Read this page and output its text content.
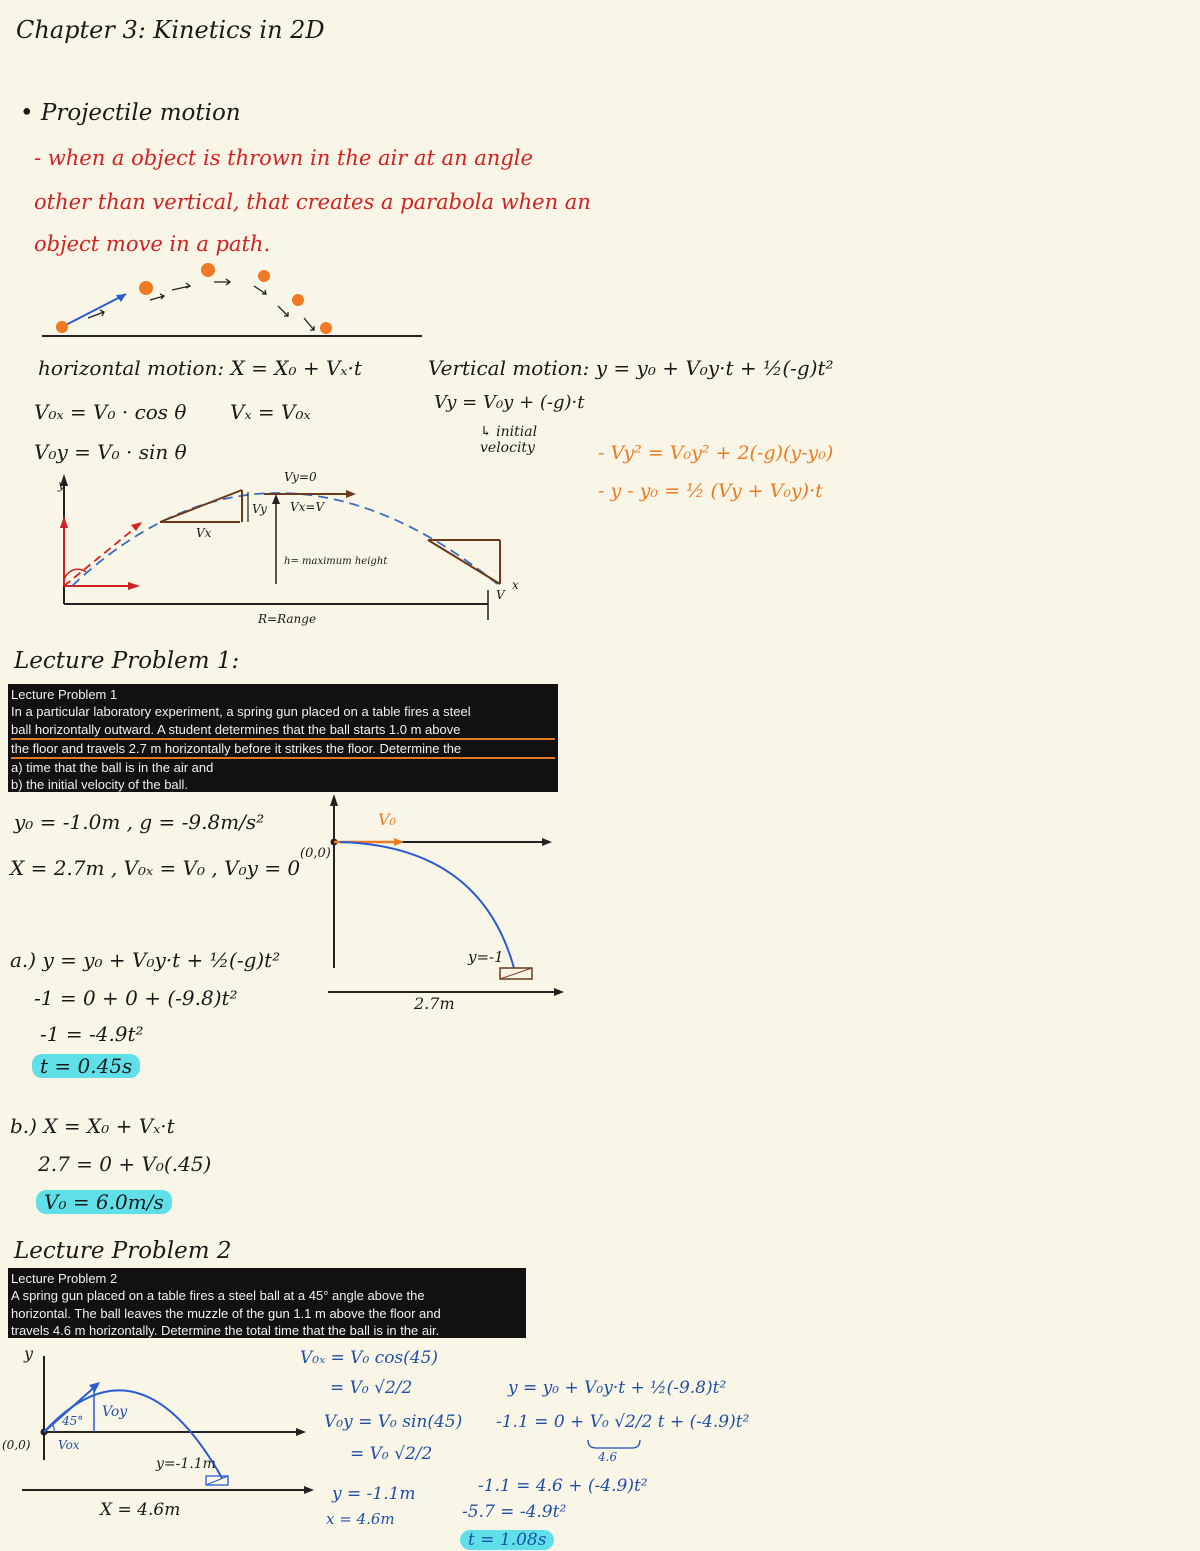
Chapter 3: Kinetics in 2D
• Projectile motion
- when a object is thrown in the air at an angle
other than vertical, that creates a parabola when an
object move in a path.
horizontal motion: X = X₀ + Vₓ·t	Vertical motion: y = y₀ + V₀y·t + ½(-g)t²
V₀ₓ = V₀ · cos θ Vₓ = V₀ₓ	Vy = V₀y + (-g)·t
↳ initial velocity
V₀y = V₀ · sin θ	- Vy² = V₀y² + 2(-g)(y-y₀)
- y - y₀ = ½ (Vy + V₀y)·t
Vy=0
Vx=V
Vx
Vy
h= maximum height
R=Range
y
x
V
Lecture Problem 1:
Lecture Problem 1
In a particular laboratory experiment, a spring gun placed on a table fires a steel
ball horizontally outward. A student determines that the ball starts 1.0 m above
the floor and travels 2.7 m horizontally before it strikes the floor. Determine the
a) time that the ball is in the air and
b) the initial velocity of the ball.
y₀ = -1.0m , g = -9.8m/s²
X = 2.7m , V₀ₓ = V₀ , V₀y = 0
a.) y = y₀ + V₀y·t + ½(-g)t²
-1 = 0 + 0 + (-9.8)t²
-1 = -4.9t²
t = 0.45s
b.) X = X₀ + Vₓ·t
2.7 = 0 + V₀(.45)
V₀ = 6.0m/s
(0,0)
V₀
y=-1
2.7m
Lecture Problem 2
Lecture Problem 2
A spring gun placed on a table fires a steel ball at a 45° angle above the
horizontal. The ball leaves the muzzle of the gun 1.1 m above the floor and
travels 4.6 m horizontally. Determine the total time that the ball is in the air.
y
(0,0)
45°
Voy
Vox
y=-1.1m
X = 4.6m
V₀ₓ = V₀ cos(45)
= V₀ √2/2
V₀y = V₀ sin(45)
= V₀ √2/2
y = -1.1m
x = 4.6m
y = y₀ + V₀y·t + ½(-9.8)t²
-1.1 = 0 + V₀ √2/2 t + (-4.9)t²
4.6
-1.1 = 4.6 + (-4.9)t²
-5.7 = -4.9t²
t = 1.08s
